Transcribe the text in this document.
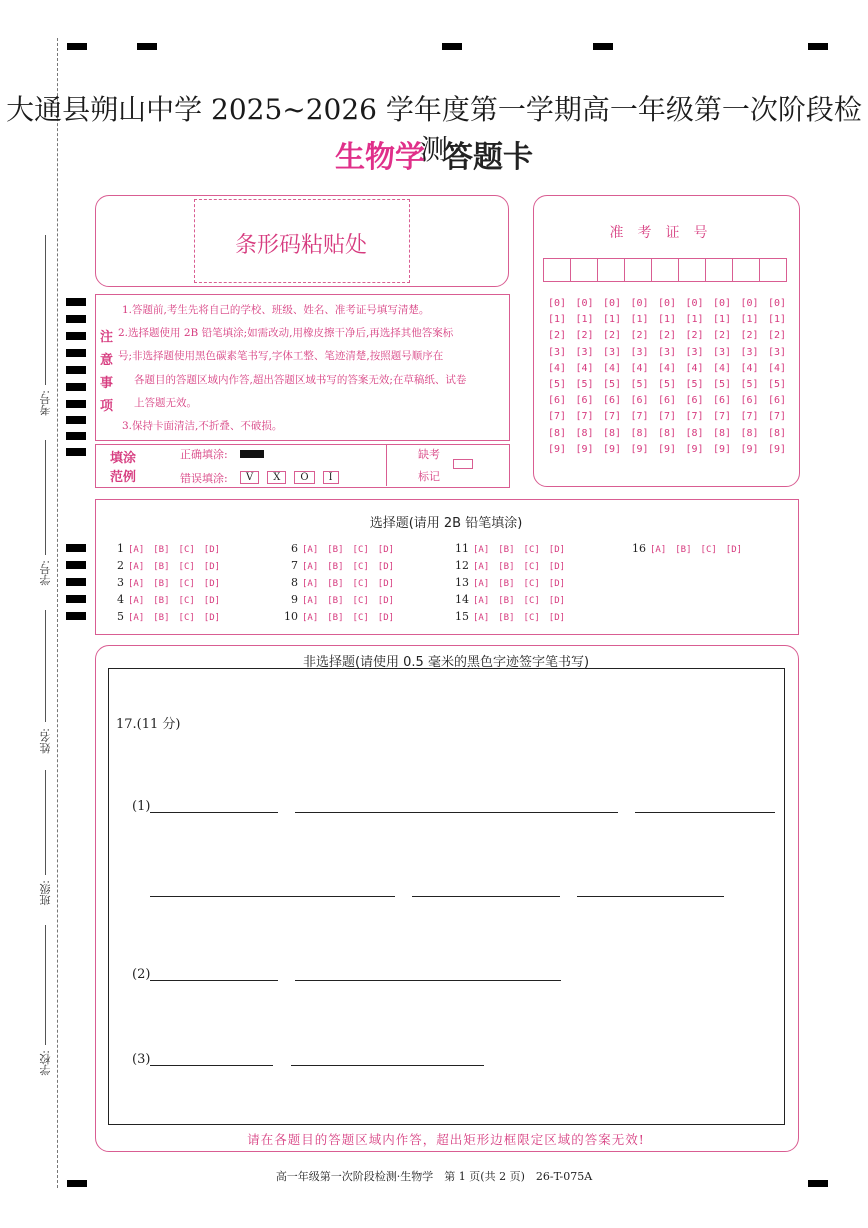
考号:
学号:
姓名:
班级:
学校:
大通县朔山中学 2025~2026 学年度第一学期高一年级第一次阶段检测
生物学 答题卡
条形码粘贴处	准考证号
[0] [0] [0] [0] [0] [0] [0] [0] [0]
[1] [1] [1] [1] [1] [1] [1] [1] [1]
[2] [2] [2] [2] [2] [2] [2] [2] [2]
[3] [3] [3] [3] [3] [3] [3] [3] [3]
[4] [4] [4] [4] [4] [4] [4] [4] [4]
[5] [5] [5] [5] [5] [5] [5] [5] [5]
[6] [6] [6] [6] [6] [6] [6] [6] [6]
[7] [7] [7] [7] [7] [7] [7] [7] [7]
[8] [8] [8] [8] [8] [8] [8] [8] [8]
[9] [9] [9] [9] [9] [9] [9] [9] [9]
注
意
事
项
1.答题前,考生先将自己的学校、班级、姓名、准考证号填写清楚。
2.选择题使用 2B 铅笔填涂;如需改动,用橡皮擦干净后,再选择其他答案标
号;非选择题使用黑色碳素笔书写,字体工整、笔迹清楚,按照题号顺序在
各题目的答题区域内作答,超出答题区域书写的答案无效;在草稿纸、试卷
上答题无效。
3.保持卡面清洁,不折叠、不破损。
填涂
范例
正确填涂:
错误填涂:	V X O I
缺考
标记
选择题(请用 2B 铅笔填涂)
1 [A] [B] [C] [D]
2 [A] [B] [C] [D]
3 [A] [B] [C] [D]
4 [A] [B] [C] [D]
5 [A] [B] [C] [D]
6 [A] [B] [C] [D]
7 [A] [B] [C] [D]
8 [A] [B] [C] [D]
9 [A] [B] [C] [D]
10 [A] [B] [C] [D]
11 [A] [B] [C] [D]
12 [A] [B] [C] [D]
13 [A] [B] [C] [D]
14 [A] [B] [C] [D]
15 [A] [B] [C] [D]
16 [A] [B] [C] [D]
非选择题(请使用 0.5 毫米的黑色字迹签字笔书写)
17.(11 分)
(1)
(2)
(3)
请在各题目的答题区域内作答，超出矩形边框限定区域的答案无效!
高一年级第一次阶段检测·生物学　第 1 页(共 2 页)　26-T-075A
